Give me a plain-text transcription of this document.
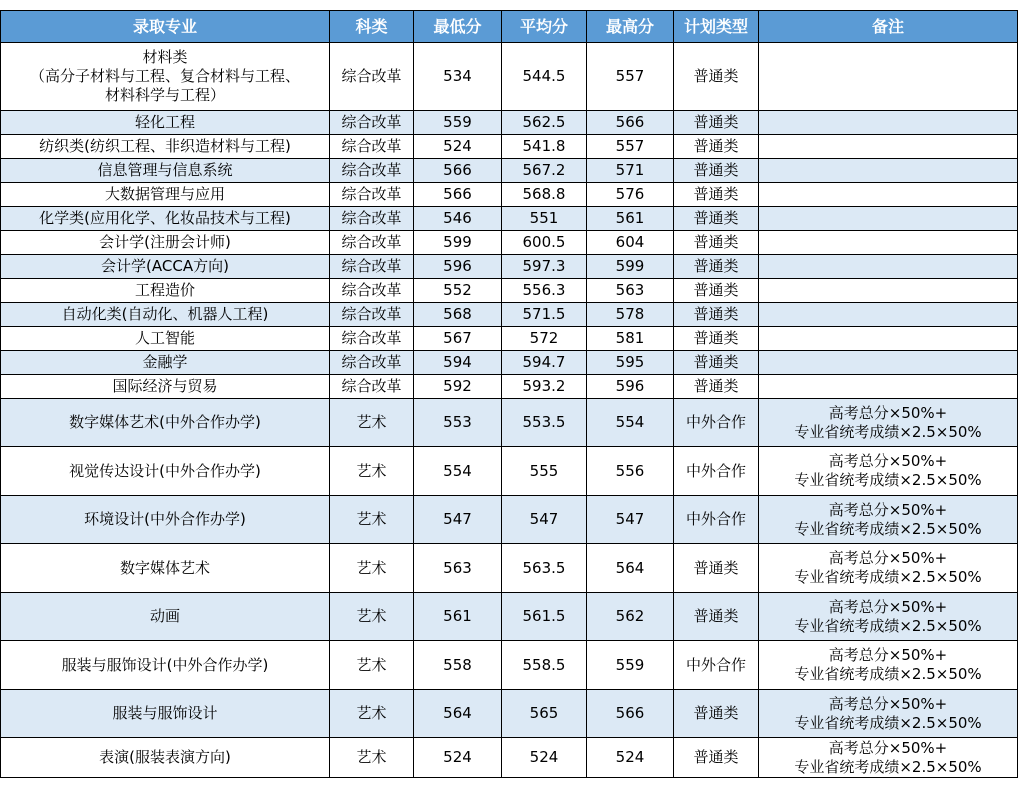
录取专业	科类	最低分	平均分	最高分	计划类型	备注
材料类
（高分子材料与工程、复合材料与工程、
材料科学与工程）	综合改革	534	544.5	557	普通类	
轻化工程	综合改革	559	562.5	566	普通类	
纺织类(纺织工程、非织造材料与工程)	综合改革	524	541.8	557	普通类	
信息管理与信息系统	综合改革	566	567.2	571	普通类	
大数据管理与应用	综合改革	566	568.8	576	普通类	
化学类(应用化学、化妆品技术与工程)	综合改革	546	551	561	普通类	
会计学(注册会计师)	综合改革	599	600.5	604	普通类	
会计学(ACCA方向)	综合改革	596	597.3	599	普通类	
工程造价	综合改革	552	556.3	563	普通类	
自动化类(自动化、机器人工程)	综合改革	568	571.5	578	普通类	
人工智能	综合改革	567	572	581	普通类	
金融学	综合改革	594	594.7	595	普通类	
国际经济与贸易	综合改革	592	593.2	596	普通类	
数字媒体艺术(中外合作办学)	艺术	553	553.5	554	中外合作	高考总分×50%+
专业省统考成绩×2.5×50%
视觉传达设计(中外合作办学)	艺术	554	555	556	中外合作	高考总分×50%+
专业省统考成绩×2.5×50%
环境设计(中外合作办学)	艺术	547	547	547	中外合作	高考总分×50%+
专业省统考成绩×2.5×50%
数字媒体艺术	艺术	563	563.5	564	普通类	高考总分×50%+
专业省统考成绩×2.5×50%
动画	艺术	561	561.5	562	普通类	高考总分×50%+
专业省统考成绩×2.5×50%
服装与服饰设计(中外合作办学)	艺术	558	558.5	559	中外合作	高考总分×50%+
专业省统考成绩×2.5×50%
服装与服饰设计	艺术	564	565	566	普通类	高考总分×50%+
专业省统考成绩×2.5×50%
表演(服装表演方向)	艺术	524	524	524	普通类	高考总分×50%+
专业省统考成绩×2.5×50%
